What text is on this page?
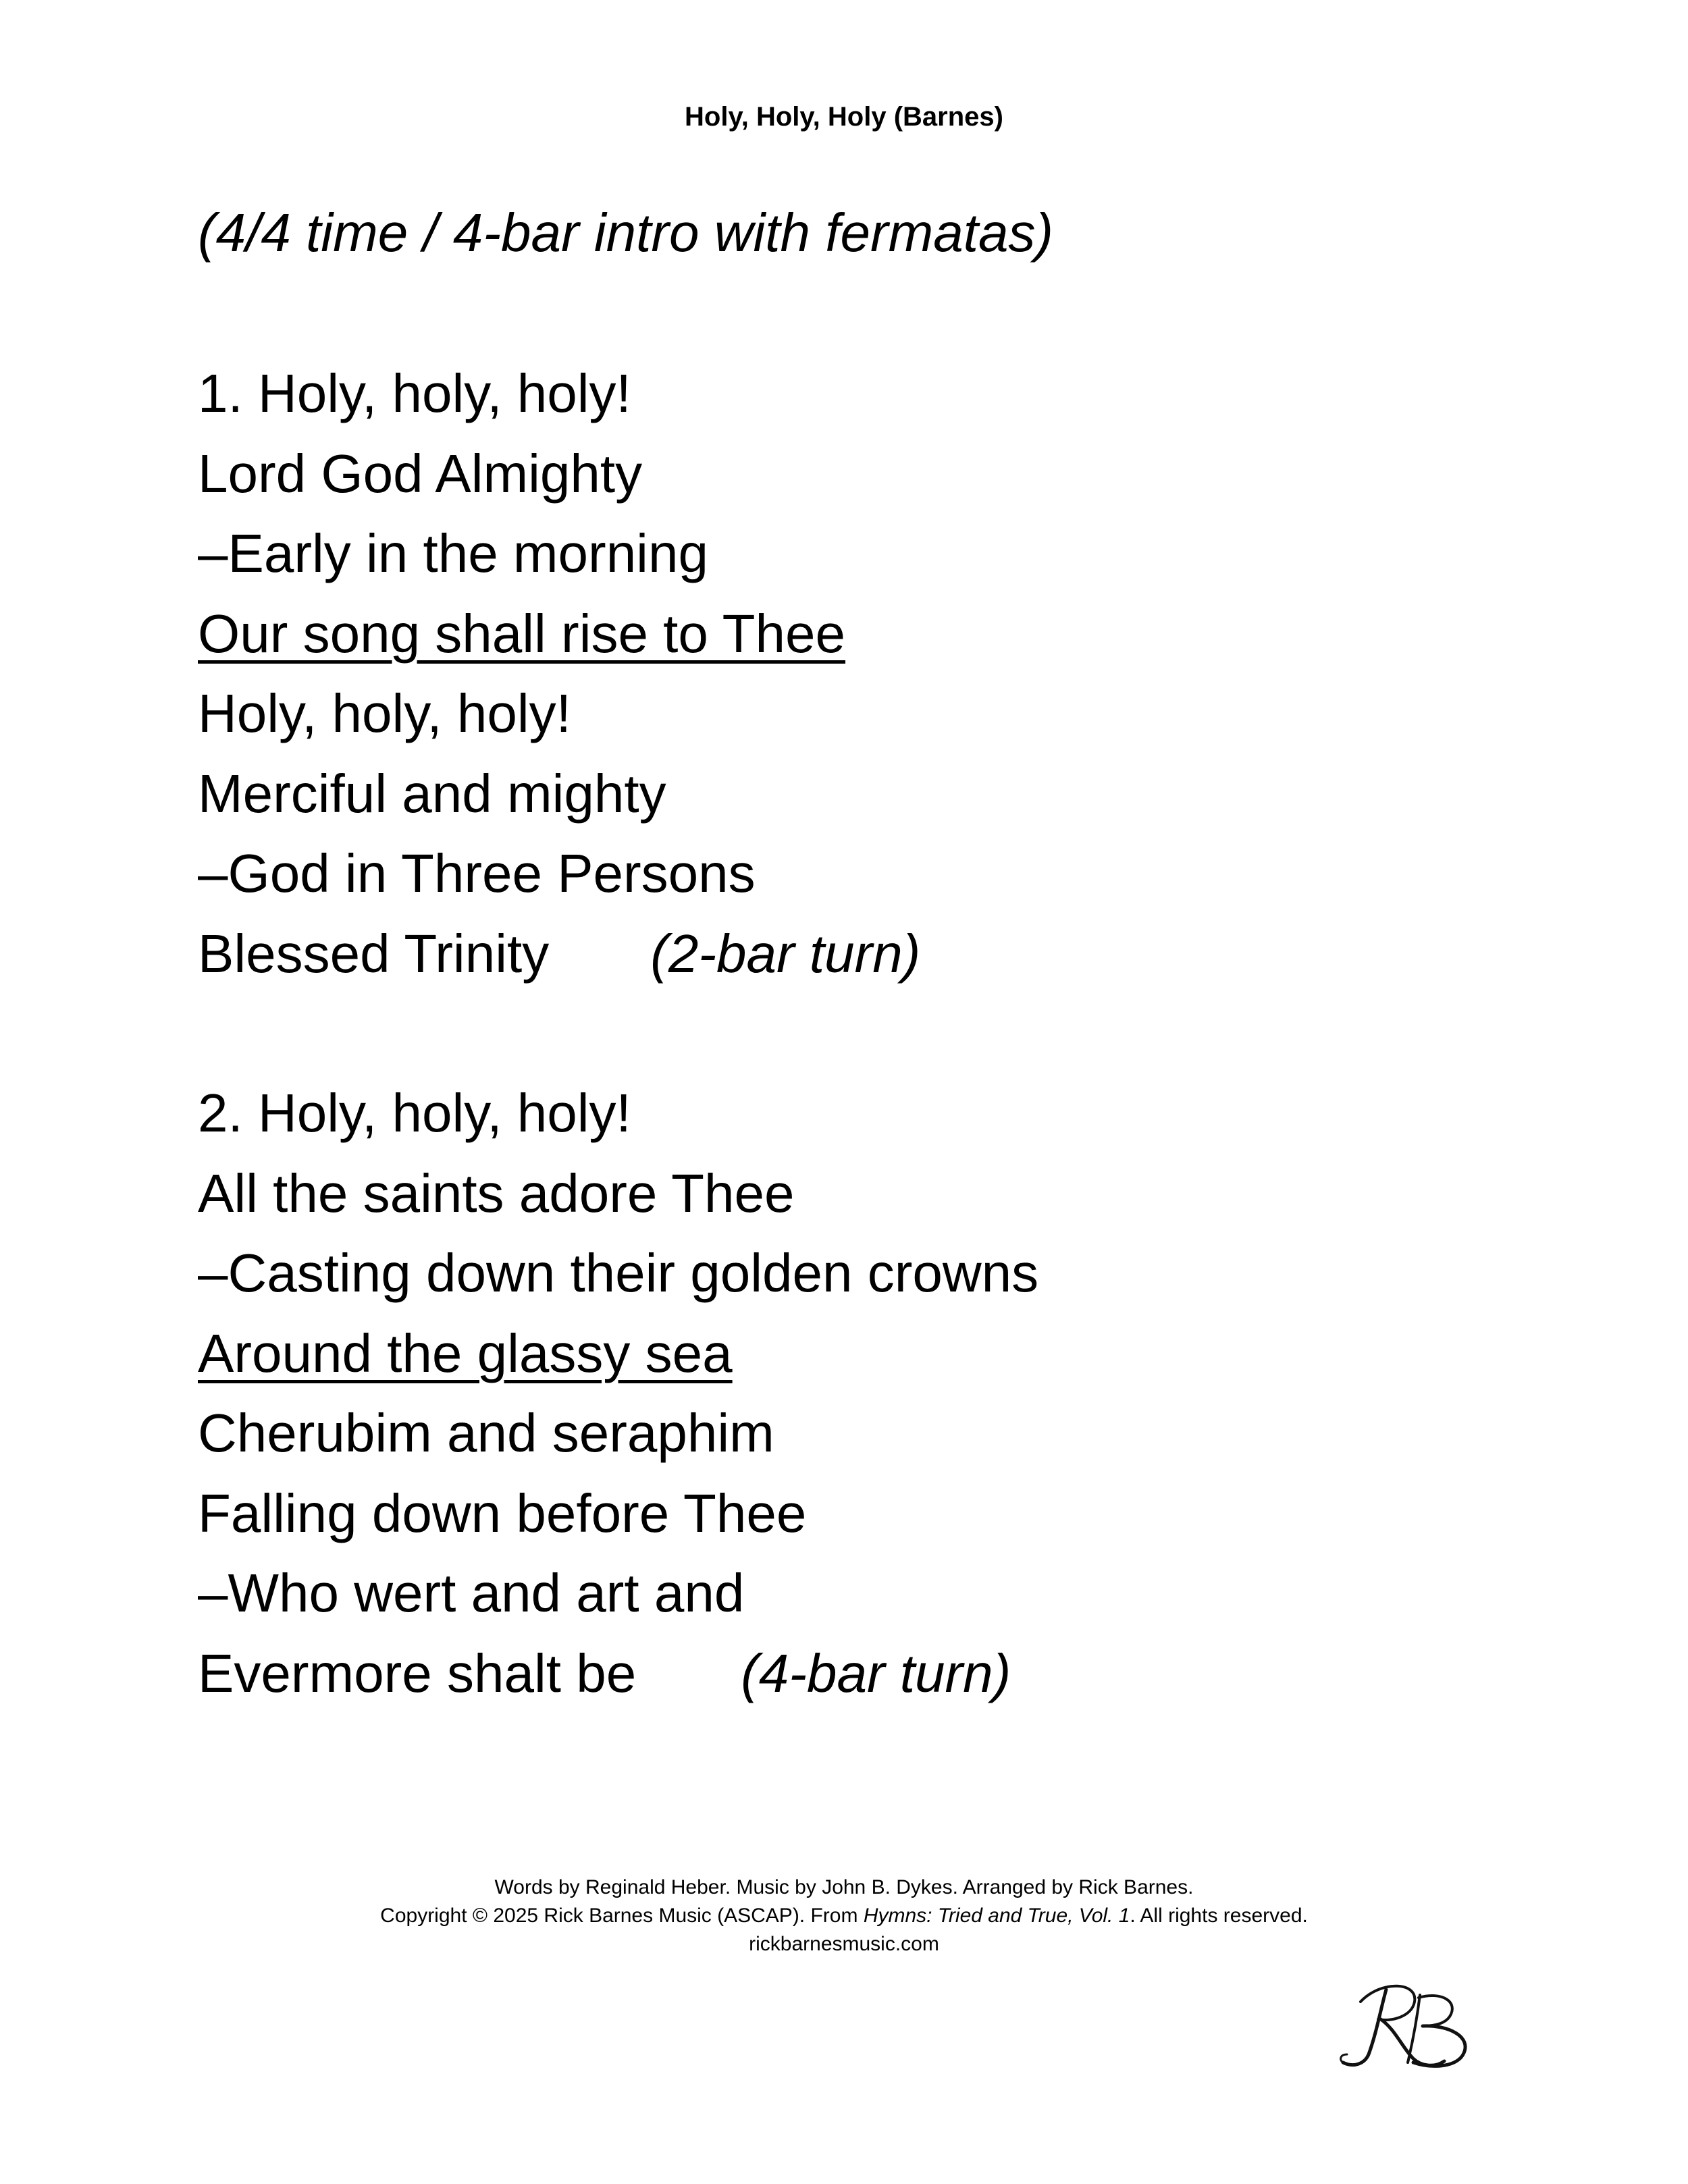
Holy, Holy, Holy (Barnes)
(4/4 time / 4-bar intro with fermatas)
1. Holy, holy, holy!
Lord God Almighty
–Early in the morning
Our song shall rise to Thee
Holy, holy, holy!
Merciful and mighty
–God in Three Persons
Blessed Trinity (2-bar turn)
2. Holy, holy, holy!
All the saints adore Thee
–Casting down their golden crowns
Around the glassy sea
Cherubim and seraphim
Falling down before Thee
–Who wert and art and
Evermore shalt be (4-bar turn)
Words by Reginald Heber. Music by John B. Dykes. Arranged by Rick Barnes.
Copyright © 2025 Rick Barnes Music (ASCAP). From Hymns: Tried and True, Vol. 1. All rights reserved.
rickbarnesmusic.com
